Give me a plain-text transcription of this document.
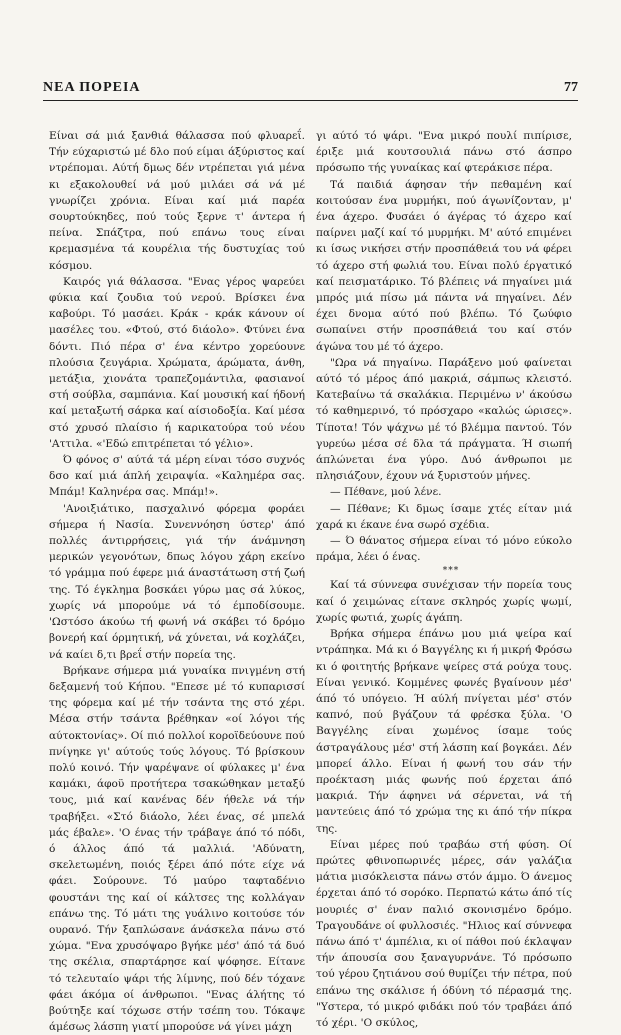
ΝΕΑ ΠΟΡΕΙΑ	77

Είναι σά μιά ξανθιά θάλασσα πού φλυαρεΐ. Τήν εύχαριστώ μέ δλο πού είμαι άξύριστος καί ντρέπομαι. Αύτή δμως δέν ντρέπεται γιά μένα κι εξακολουθεί νά μού μιλάει σά νά μέ γνωρίζει χρόνια. Είναι καί μιά παρέα σουρτούκηδες, πού τούς ξερνε τ' άντερα ή πείνα. Σπάζτρα, πού επάνω τους είναι κρεμασμένα τά κουρέλια τής δυστυχίας τού κόσμου.

Καιρός γιά θάλασσα. "Ενας γέρος ψαρεύει φύκια καί ζουδια τού νερού. Βρίσκει ένα καβούρι. Τό μασάει. Κράκ - κράκ κάνουν οί μασέλες του. «Φτού, στό διάολο». Φτύνει ένα δόντι. Πιό πέρα σ' ένα κέντρο χορεύουνε πλούσια ζευγάρια. Χρώματα, άρώματα, άνθη, μετάξια, χιονάτα τραπεζομάντιλα, φασιανοί στή σούβλα, σαμπάνια. Καί μουσική καί ήδονή καί μεταξωτή σάρκα καί αίσιοδοξία. Καί μέσα στό χρυσό πλαίσιο ή καρικατούρα τού νέου 'Αττιλα. «'Εδώ επιτρέπεται τό γέλιο».

Ό φόνος σ' αύτά τά μέρη είναι τόσο συχνός δσο καί μιά άπλή χειραψία. «Καλημέρα σας. Μπάμ! Καληνέρα σας. Μπάμ!».

'Ανοιξιάτικο, πασχαλινό φόρεμα φοράει σήμερα ή Νασία. Συνεννόηση ύστερ' άπό πολλές άντιρρήσεις, γιά τήν άνάμνηση μερικών γεγονότων, δπως λόγου χάρη εκείνο τό γράμμα πού έφερε μιά άναστάτωση στή ζωή της. Τό έγκλημα βοσκάει γύρω μας σά λύκος, χωρίς νά μπορούμε νά τό έμποδίσουμε. 'Ωστόσο άκούω τή φωνή νά σκάβει τό δρόμο βονερή καί όρμητική, νά χύνεται, νά κοχλάζει, νά καίει δ,τι βρεΐ στήν πορεία της.

Βρήκανε σήμερα μιά γυναίκα πνιγμένη στή δεξαμενή τού Κήπου. "Επεσε μέ τό κυπαρισσί της φόρεμα καί μέ τήν τσάντα της στό χέρι. Μέσα στήν τσάντα βρέθηκαν «οί λόγοι τής αύτοκτονίας». Οί πιό πολλοί κοροϊδεύουνε πού πνίγηκε γι' αύτούς τούς λόγους. Τό βρίσκουν πολύ κοινό. Τήν ψαρέψανε οί φύλακες μ' ένα καμάκι, άφοϋ προτήτερα τσακώθηκαν μεταξύ τους, μιά καί κανένας δέν ήθελε νά τήν τραβήξει. «Στό διάολο, λέει ένας, σέ μπελά μάς έβαλε». 'Ο ένας τήν τράβαγε άπό τό πόδι, ό άλλος άπό τά μαλλιά. 'Αδύνατη, σκελετωμένη, ποιός ξέρει άπό πότε είχε νά φάει. Σούρουνε. Τό μαύρο ταφταδένιο φουστάνι της καί οί κάλτσες της κολλάγαν επάνω της. Τό μάτι της γυάλινο κοιτούσε τόν ουρανό. Τήν ξαπλώσανε άνάσκελα πάνω στό χώμα. "Ενα χρυσόψαρο βγήκε μέσ' άπό τά δυό της σκέλια, σπαρτάρησε καί ψόφησε. Είτανε τό τελευταίο ψάρι τής λίμνης, πού δέν τόχανε φάει άκόμα οί άνθρωποι. "Ενας άλήτης τό βούτηξε καί τόχωσε στήν τσέπη του. Τόκαψε άμέσως λάσπη γιατί μπορούσε νά γίνει μάχη

γι αύτό τό ψάρι. "Ενα μικρό πουλί πιπίρισε, έριξε μιά κουτσουλιά πάνω στό άσπρο πρόσωπο τής γυναίκας καί φτεράκισε πέρα.

Τά παιδιά άφησαν τήν πεθαμένη καί κοιτούσαν ένα μυρμήκι, πού άγωνίζονταν, μ' ένα άχερο. Φυσάει ό άγέρας τό άχερο καί παίρνει μαζί καί τό μυρμήκι. Μ' αύτό επιμένει κι ίσως νικήσει στήν προσπάθειά του νά φέρει τό άχερο στή φωλιά του. Είναι πολύ έργατικό καί πεισματάρικο. Τό βλέπεις νά πηγαίνει μιά μπρός μιά πίσω μά πάντα νά πηγαίνει. Δέν έχει δνομα αύτό πού βλέπω. Τό ζωύφιο σωπαίνει στήν προσπάθειά του καί στόν άγώνα του μέ τό άχερο.

"Ωρα νά πηγαίνω. Παράξενο μού φαίνεται αύτό τό μέρος άπό μακριά, σάμπως κλειστό. Κατεβαίνω τά σκαλάκια. Περιμένω ν' άκούσω τό καθημερινό, τό πρόσχαρο «καλώς ώρισες». Τίποτα! Τόν ψάχνω μέ τό βλέμμα παντού. Τόν γυρεύω μέσα σέ δλα τά πράγματα. Ή σιωπή άπλώνεται ένα γύρο. Δυό άνθρωποι με πλησιάζουν, έχουν νά ξυριστούν μήνες.

— Πέθανε, μού λένε.

— Πέθανε; Κι δμως ίσαμε χτές είταν μιά χαρά κι έκανε ένα σωρό σχέδια.

— Ό θάνατος σήμερα είναι τό μόνο εύκολο πράμα, λέει ό ένας.

***

Καί τά σύννεφα συνέχισαν τήν πορεία τους καί ό χειμώνας είτανε σκληρός χωρίς ψωμί, χωρίς φωτιά, χωρίς άγάπη.

Βρήκα σήμερα έπάνω μου μιά ψείρα καί ντράπηκα. Μά κι ό Βαγγέλης κι ή μικρή Φρόσω κι ό φοιτητής βρήκανε ψείρες στά ρούχα τους. Είναι γενικό. Κομμένες φωνές βγαίνουν μέσ' άπό τό υπόγειο. Ή αύλή πνίγεται μέσ' στόν καπνό, πού βγάζουν τά φρέσκα ξύλα. 'Ο Βαγγέλης είναι χωμένος ίσαμε τούς άστραγάλους μέσ' στή λάσπη καί βογκάει. Δέν μπορεί άλλο. Είναι ή φωνή του σάν τήν προέκταση μιάς φωνής πού έρχεται άπό μακριά. Τήν άφηνει νά σέρνεται, νά τή μαντεύεις άπό τό χρώμα της κι άπό τήν πίκρα της.

Είναι μέρες πού τραβάω στή φύση. Οί πρώτες φθινοπωρινές μέρες, σάν γαλάζια μάτια μισόκλειστα πάνω στόν άμμο. Ό άνεμος έρχεται άπό τό σορόκο. Περπατώ κάτω άπό τίς μουριές σ' έναν παλιό σκονισμένο δρόμο. Τραγουδάνε οί φυλλοσιές. "Ηλιος καί σύννεφα πάνω άπό τ' άμπέλια, κι οί πάθοι πού έκλαψαν τήν άπουσία σου ξαναγυρνάνε. Τό πρόσωπο τού γέρου ζητιάνου σού θυμίζει τήν πέτρα, πού επάνω της σκάλισε ή όδύνη τό πέρασμά της. "Υστερα, τό μικρό φιδάκι πού τόν τραβάει άπό τό χέρι. 'Ο σκύλος,
